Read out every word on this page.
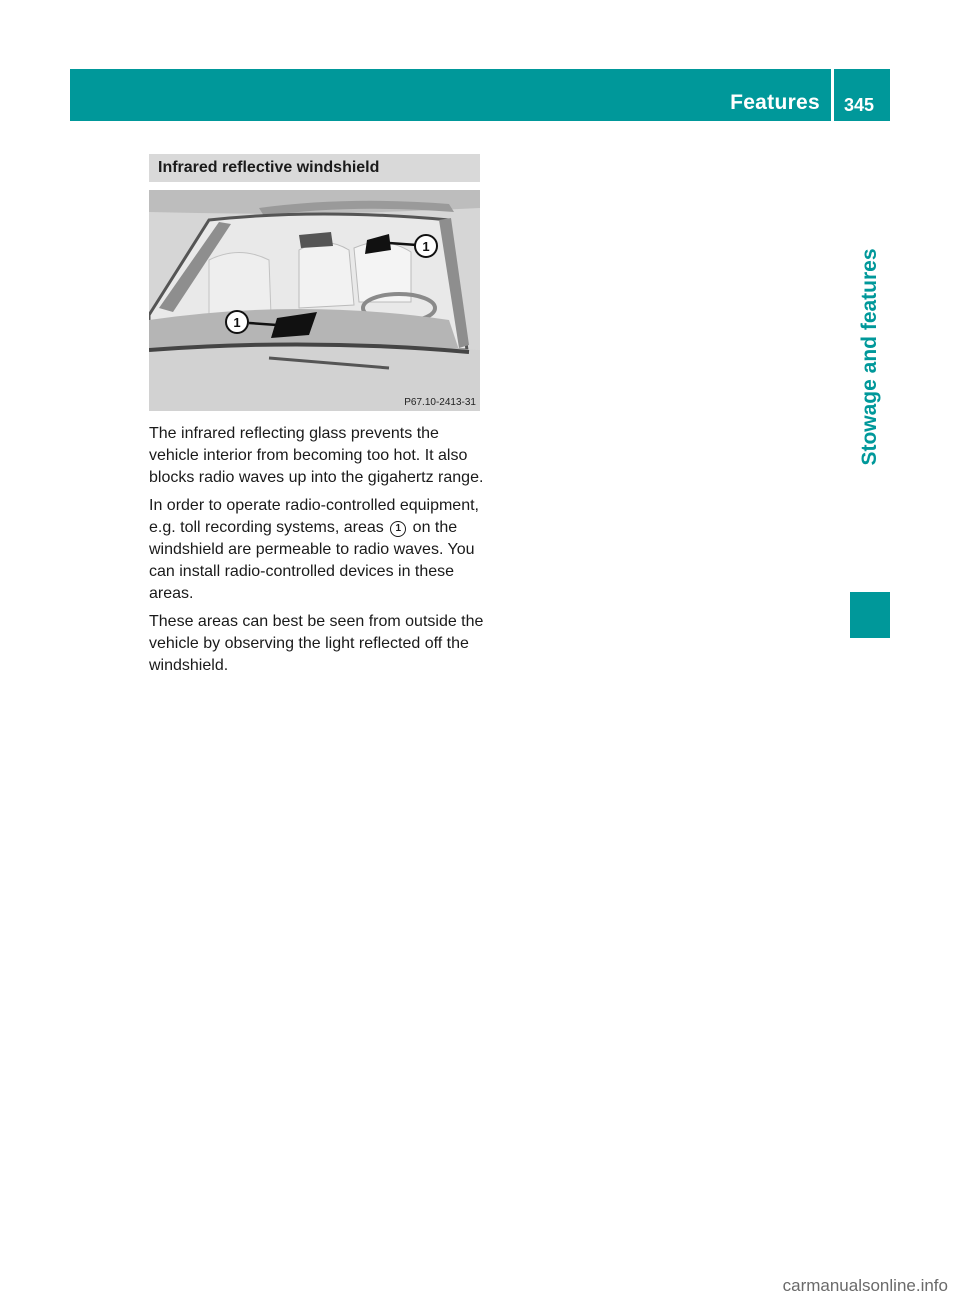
Features 345
Stowage and features
Infrared reflective windshield
1
1
P67.10-2413-31

The infrared reflecting glass prevents the vehicle interior from becoming too hot. It also blocks radio waves up into the gigahertz range.

In order to operate radio-controlled equipment, e.g. toll recording systems, areas 1 on the windshield are permeable to radio waves. You can install radio-controlled devices in these areas.

These areas can best be seen from outside the vehicle by observing the light reflected off the windshield.

carmanualsonline.info
